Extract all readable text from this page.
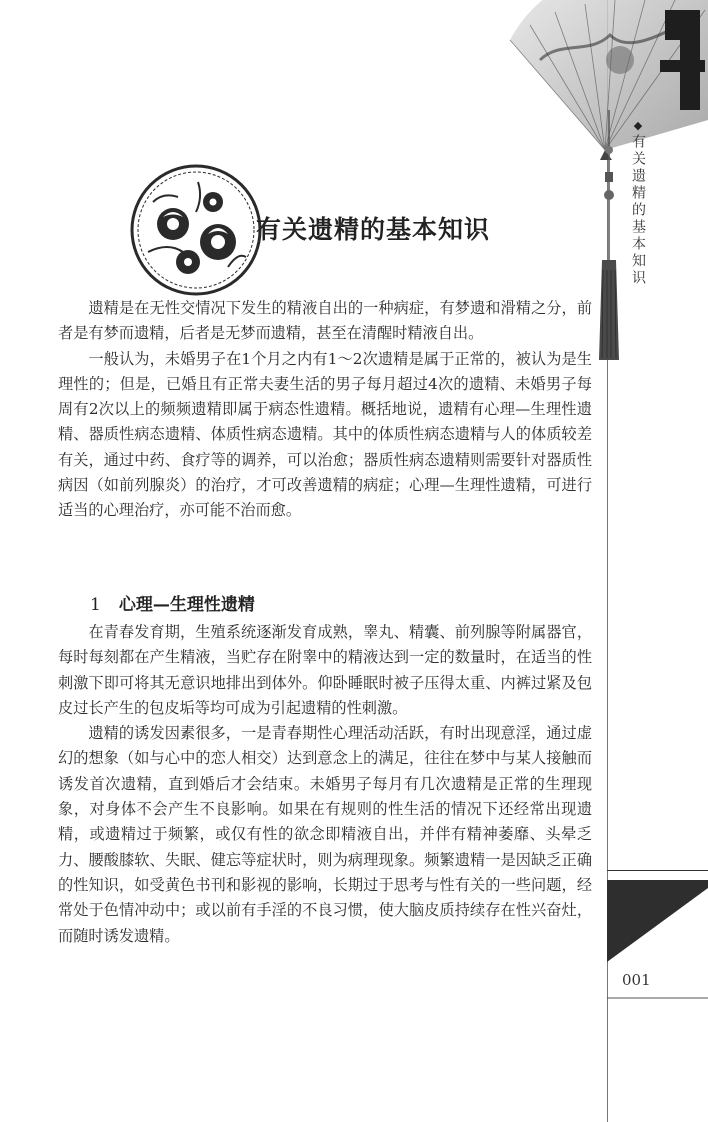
◆
有关遗精的基本知识
有关遗精的基本知识

遗精是在无性交情况下发生的精液自出的一种病症，有梦遗和滑精之分，前者是有梦而遗精，后者是无梦而遗精，甚至在清醒时精液自出。

一般认为，未婚男子在1个月之内有1～2次遗精是属于正常的，被认为是生理性的；但是，已婚且有正常夫妻生活的男子每月超过4次的遗精、未婚男子每周有2次以上的频频遗精即属于病态性遗精。概括地说，遗精有心理—生理性遗精、器质性病态遗精、体质性病态遗精。其中的体质性病态遗精与人的体质较差有关，通过中药、食疗等的调养，可以治愈；器质性病态遗精则需要针对器质性病因（如前列腺炎）的治疗，才可改善遗精的病症；心理—生理性遗精，可进行适当的心理治疗，亦可能不治而愈。

1 心理—生理性遗精

在青春发育期，生殖系统逐渐发育成熟，睾丸、精囊、前列腺等附属器官，每时每刻都在产生精液，当贮存在附睾中的精液达到一定的数量时，在适当的性刺激下即可将其无意识地排出到体外。仰卧睡眠时被子压得太重、内裤过紧及包皮过长产生的包皮垢等均可成为引起遗精的性刺激。

遗精的诱发因素很多，一是青春期性心理活动活跃，有时出现意淫，通过虚幻的想象（如与心中的恋人相交）达到意念上的满足，往往在梦中与某人接触而诱发首次遗精，直到婚后才会结束。未婚男子每月有几次遗精是正常的生理现象，对身体不会产生不良影响。如果在有规则的性生活的情况下还经常出现遗精，或遗精过于频繁，或仅有性的欲念即精液自出，并伴有精神萎靡、头晕乏力、腰酸膝软、失眠、健忘等症状时，则为病理现象。频繁遗精一是因缺乏正确的性知识，如受黄色书刊和影视的影响，长期过于思考与性有关的一些问题，经常处于色情冲动中；或以前有手淫的不良习惯，使大脑皮质持续存在性兴奋灶，而随时诱发遗精。

001
